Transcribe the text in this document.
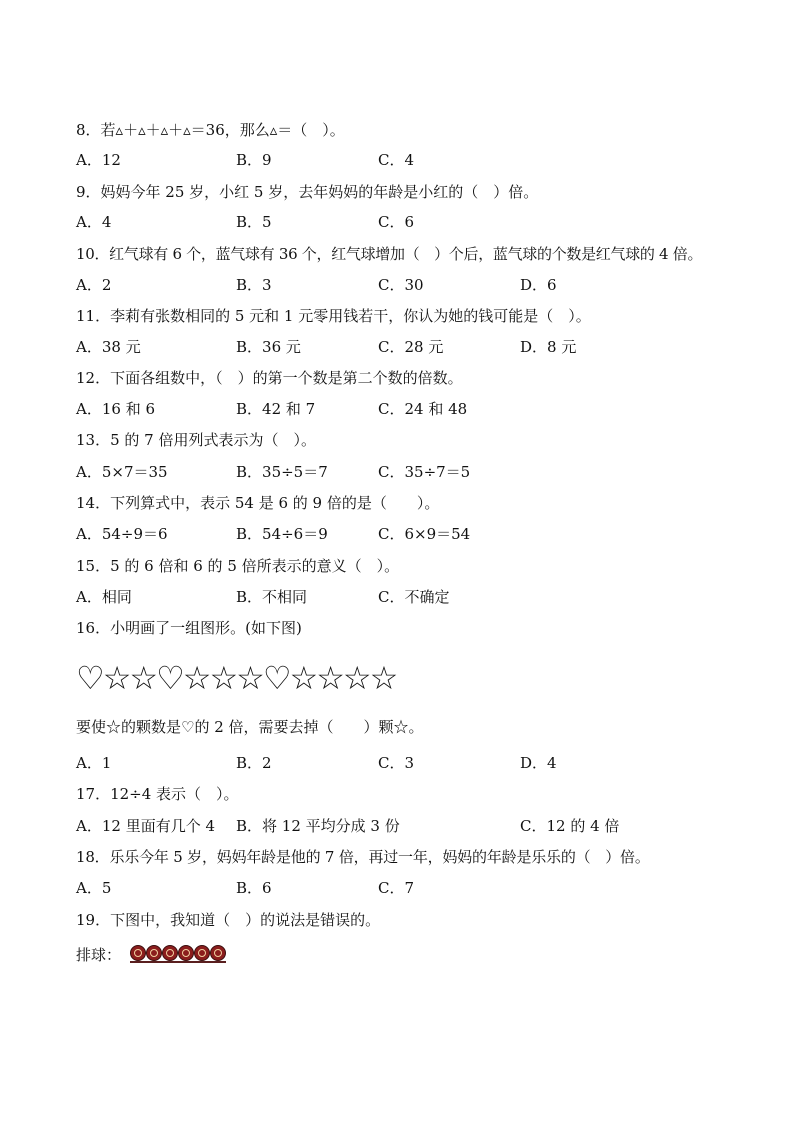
8．若▵＋▵＋▵＋▵＝36，那么▵＝（　）。
A．12	B．9	C．4
9．妈妈今年 25 岁，小红 5 岁，去年妈妈的年龄是小红的（　）倍。
A．4	B．5	C．6
10．红气球有 6 个，蓝气球有 36 个，红气球增加（　）个后，蓝气球的个数是红气球的 4 倍。
A．2	B．3	C．30	D．6
11．李莉有张数相同的 5 元和 1 元零用钱若干，你认为她的钱可能是（　）。
A．38 元	B．36 元	C．28 元	D．8 元
12．下面各组数中，（　）的第一个数是第二个数的倍数。
A．16 和 6	B．42 和 7	C．24 和 48
13．5 的 7 倍用列式表示为（　）。
A．5×7＝35	B．35÷5＝7	C．35÷7＝5
14．下列算式中，表示 54 是 6 的 9 倍的是（　　）。
A．54÷9＝6	B．54÷6＝9	C．6×9＝54
15．5 的 6 倍和 6 的 5 倍所表示的意义（　）。
A．相同	B．不相同	C．不确定
16．小明画了一组图形。(如下图)
♡☆☆♡☆☆☆♡☆☆☆☆
要使☆的颗数是♡的 2 倍，需要去掉（　　）颗☆。
A．1	B．2	C．3	D．4
17．12÷4 表示（　）。
A．12 里面有几个 4 B．将 12 平均分成 3 份	C．12 的 4 倍
18．乐乐今年 5 岁，妈妈年龄是他的 7 倍，再过一年，妈妈的年龄是乐乐的（　）倍。
A．5	B．6	C．7
19．下图中，我知道（　）的说法是错误的。
排球：
